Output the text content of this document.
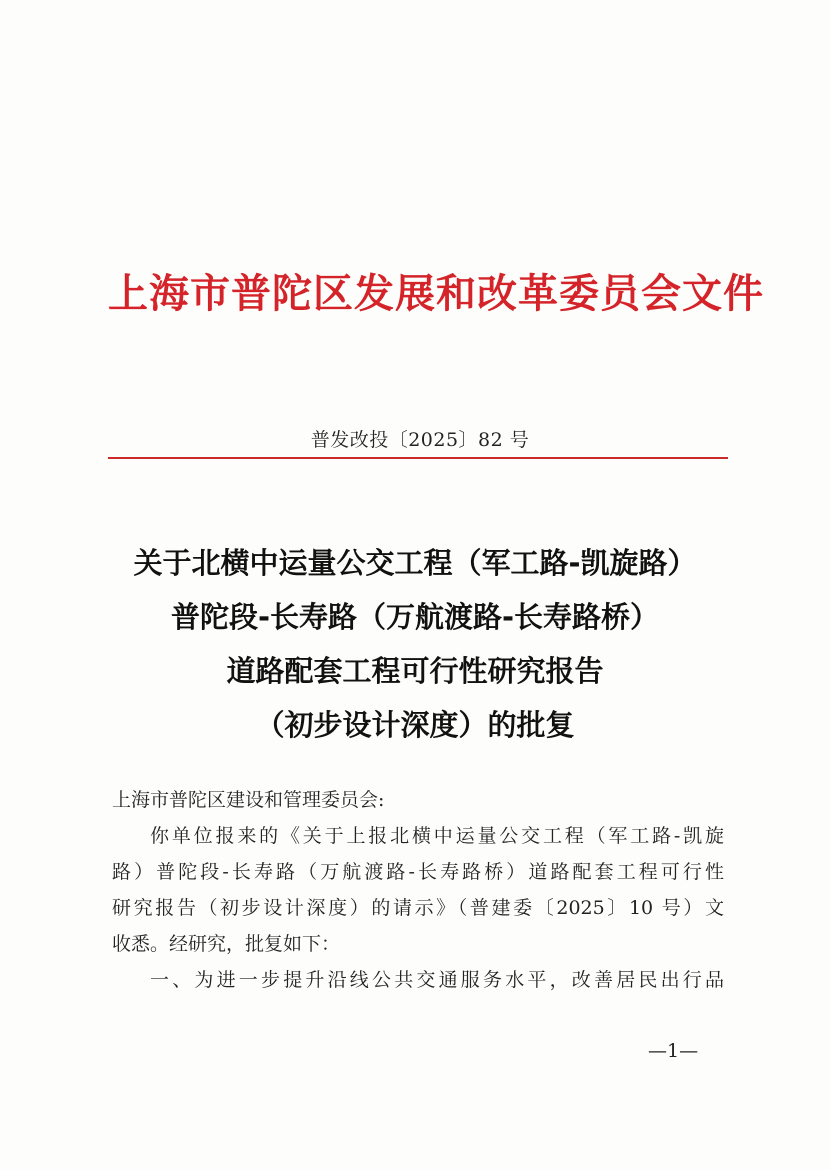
上海市普陀区发展和改革委员会文件
普发改投〔2025〕82 号
关于北横中运量公交工程（军工路-凯旋路）
普陀段-长寿路（万航渡路-长寿路桥）
道路配套工程可行性研究报告
（初步设计深度）的批复
上海市普陀区建设和管理委员会:
你单位报来的《关于上报北横中运量公交工程（军工路-凯旋
路）普陀段-长寿路（万航渡路-长寿路桥）道路配套工程可行性
研究报告（初步设计深度）的请示》（普建委〔2025〕10 号）文
收悉。经研究，批复如下：
一、为进一步提升沿线公共交通服务水平，改善居民出行品
—1—
